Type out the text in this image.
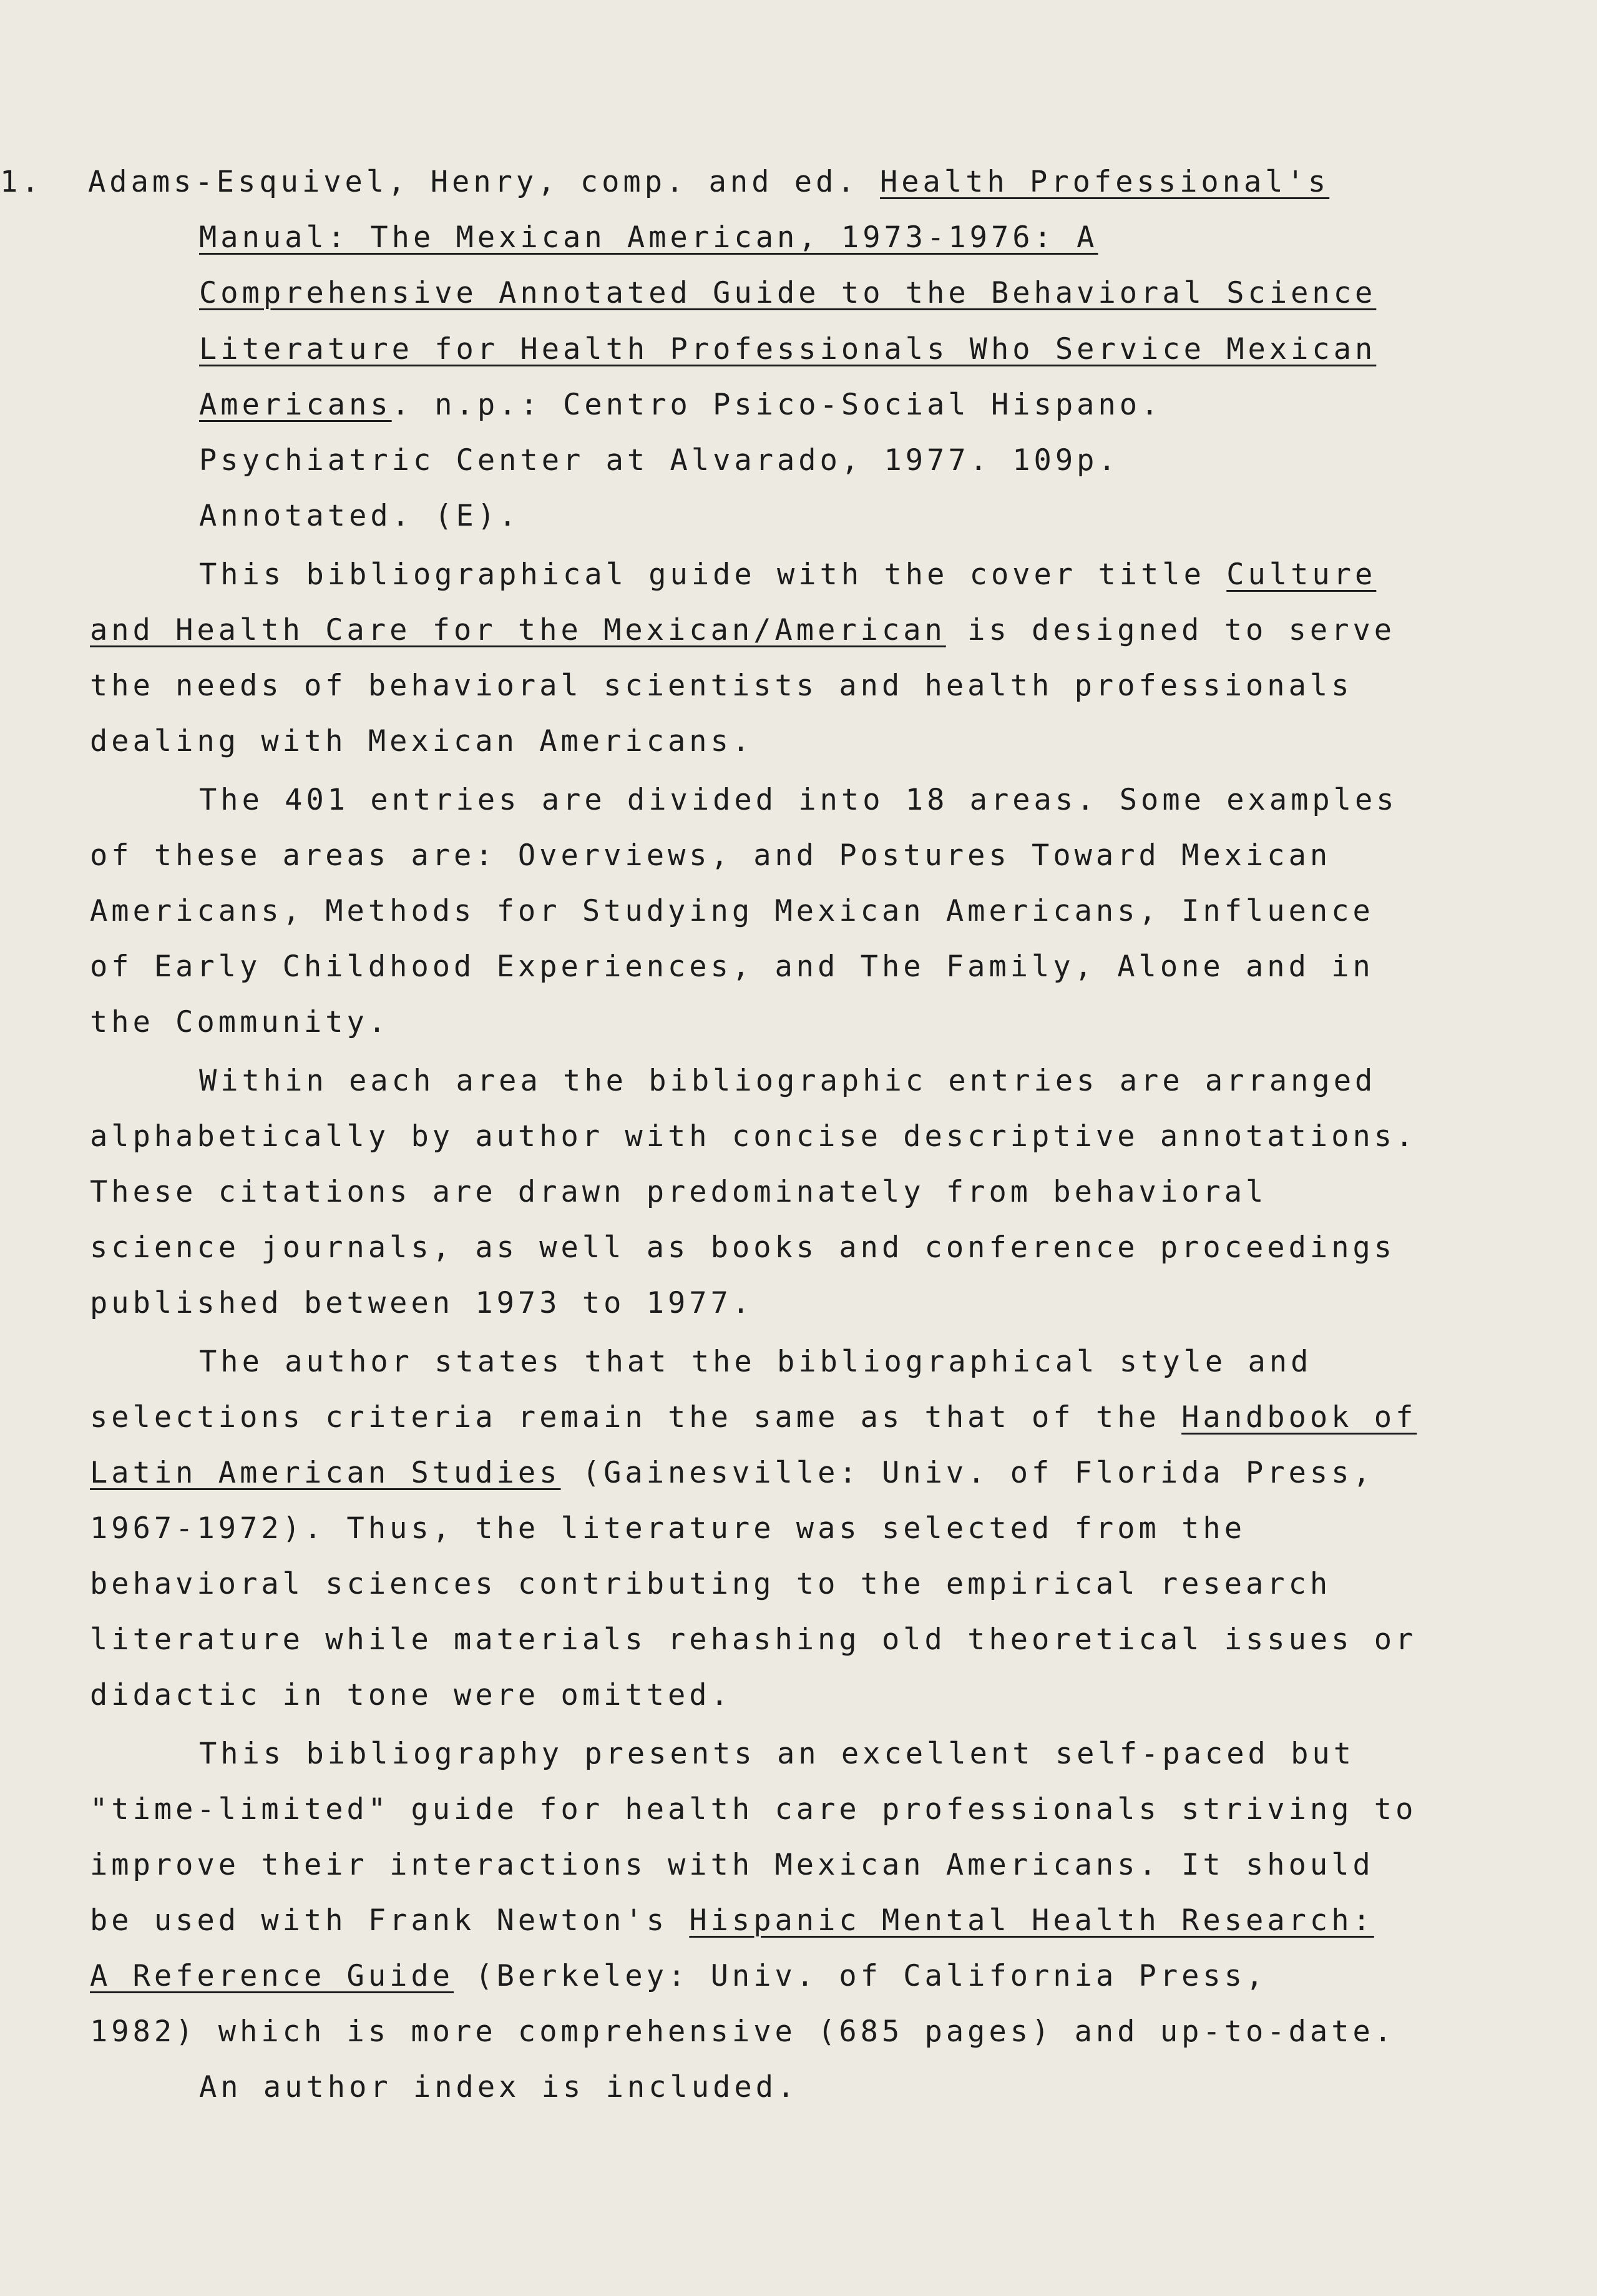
1. Adams-Esquivel, Henry, comp. and ed. Health Professional's
Manual: The Mexican American, 1973-1976: A
Comprehensive Annotated Guide to the Behavioral Science
Literature for Health Professionals Who Service Mexican
Americans. n.p.: Centro Psico-Social Hispano.
Psychiatric Center at Alvarado, 1977. 109p.
Annotated. (E).
This bibliographical guide with the cover title Culture
and Health Care for the Mexican/American is designed to serve
the needs of behavioral scientists and health professionals
dealing with Mexican Americans.
The 401 entries are divided into 18 areas. Some examples
of these areas are: Overviews, and Postures Toward Mexican
Americans, Methods for Studying Mexican Americans, Influence
of Early Childhood Experiences, and The Family, Alone and in
the Community.
Within each area the bibliographic entries are arranged
alphabetically by author with concise descriptive annotations.
These citations are drawn predominately from behavioral
science journals, as well as books and conference proceedings
published between 1973 to 1977.
The author states that the bibliographical style and
selections criteria remain the same as that of the Handbook of
Latin American Studies (Gainesville: Univ. of Florida Press,
1967-1972). Thus, the literature was selected from the
behavioral sciences contributing to the empirical research
literature while materials rehashing old theoretical issues or
didactic in tone were omitted.
This bibliography presents an excellent self-paced but
"time-limited" guide for health care professionals striving to
improve their interactions with Mexican Americans. It should
be used with Frank Newton's Hispanic Mental Health Research:
A Reference Guide (Berkeley: Univ. of California Press,
1982) which is more comprehensive (685 pages) and up-to-date.
An author index is included.
